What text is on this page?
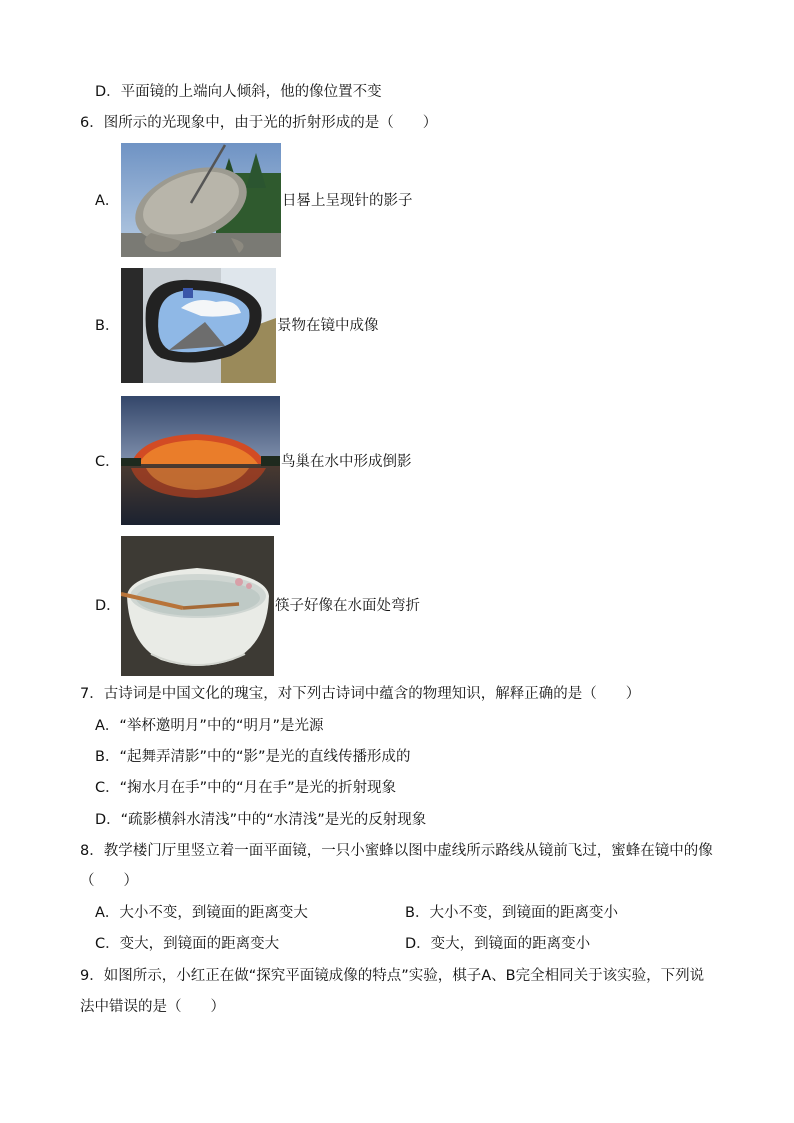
D．平面镜的上端向人倾斜，他的像位置不变
6．图所示的光现象中，由于光的折射形成的是（　　）
A．	日晷上呈现针的影子
B．	景物在镜中成像
C．	鸟巢在水中形成倒影
D．	筷子好像在水面处弯折
7．古诗词是中国文化的瑰宝，对下列古诗词中蕴含的物理知识，解释正确的是（　　）
A．“举杯邀明月”中的“明月”是光源
B．“起舞弄清影”中的“影”是光的直线传播形成的
C．“掬水月在手”中的“月在手”是光的折射现象
D．“疏影横斜水清浅”中的“水清浅”是光的反射现象
8．教学楼门厅里竖立着一面平面镜，一只小蜜蜂以图中虚线所示路线从镜前飞过，蜜蜂在镜中的像
（　　）
A．大小不变，到镜面的距离变大	B．大小不变，到镜面的距离变小
C．变大，到镜面的距离变大	D．变大，到镜面的距离变小
9．如图所示，小红正在做“探究平面镜成像的特点”实验，棋子A、B完全相同关于该实验，下列说
法中错误的是（　　）
